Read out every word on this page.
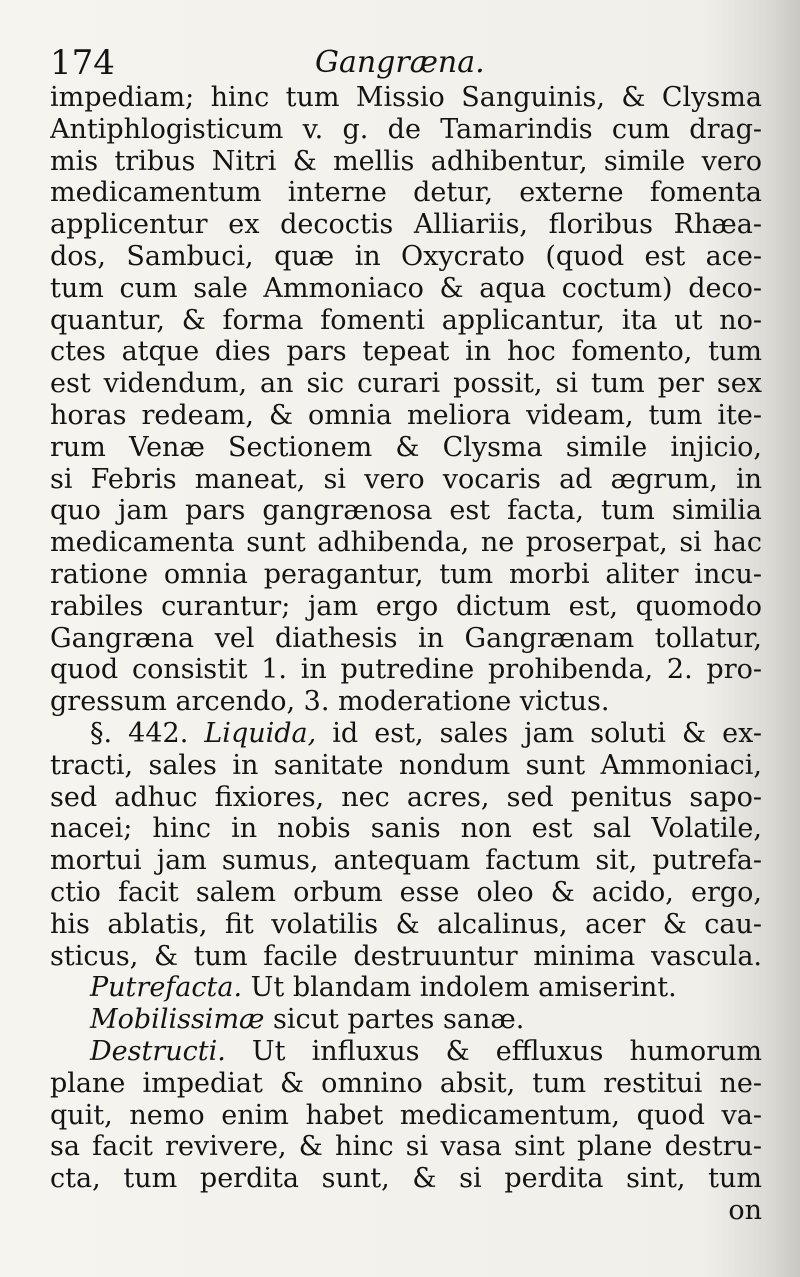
174	Gangræna.
impediam; hinc tum Missio Sanguinis, & Clysma
Antiphlogisticum v. g. de Tamarindis cum drag-
mis tribus Nitri & mellis adhibentur, simile vero
medicamentum interne detur, externe fomenta
applicentur ex decoctis Alliariis, floribus Rhæa-
dos, Sambuci, quæ in Oxycrato (quod est ace-
tum cum sale Ammoniaco & aqua coctum) deco-
quantur, & forma fomenti applicantur, ita ut no-
ctes atque dies pars tepeat in hoc fomento, tum
est videndum, an sic curari possit, si tum per sex
horas redeam, & omnia meliora videam, tum ite-
rum Venæ Sectionem & Clysma simile injicio,
si Febris maneat, si vero vocaris ad ægrum, in
quo jam pars gangrænosa est facta, tum similia
medicamenta sunt adhibenda, ne proserpat, si hac
ratione omnia peragantur, tum morbi aliter incu-
rabiles curantur; jam ergo dictum est, quomodo
Gangræna vel diathesis in Gangrænam tollatur,
quod consistit 1. in putredine prohibenda, 2. pro-
gressum arcendo, 3. moderatione victus.
§. 442. Liquida, id est, sales jam soluti & ex-
tracti, sales in sanitate nondum sunt Ammoniaci,
sed adhuc fixiores, nec acres, sed penitus sapo-
nacei; hinc in nobis sanis non est sal Volatile,
mortui jam sumus, antequam factum sit, putrefa-
ctio facit salem orbum esse oleo & acido, ergo,
his ablatis, fit volatilis & alcalinus, acer & cau-
sticus, & tum facile destruuntur minima vascula.
Putrefacta. Ut blandam indolem amiserint.
Mobilissimæ sicut partes sanæ.
Destructi. Ut influxus & effluxus humorum
plane impediat & omnino absit, tum restitui ne-
quit, nemo enim habet medicamentum, quod va-
sa facit revivere, & hinc si vasa sint plane destru-
cta, tum perdita sunt, & si perdita sint, tum
on
